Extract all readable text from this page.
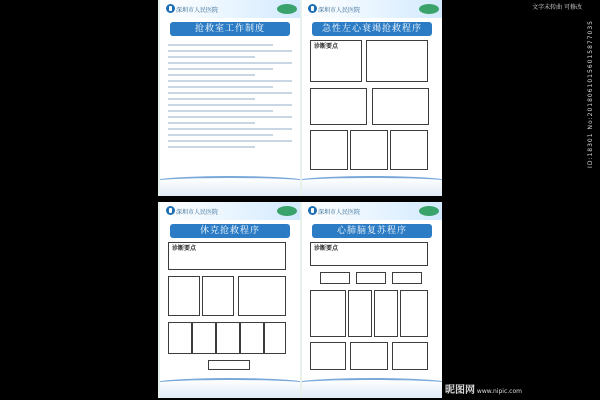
深圳市人民医院
抢救室工作制度
深圳市人民医院
急性左心衰竭抢救程序
诊断要点
深圳市人民医院
休克抢救程序
诊断要点
深圳市人民医院
心肺脑复苏程序
诊断要点
文字未转曲 可修改
ID:18301 No:20180610156015877035
昵图网 www.nipic.com
